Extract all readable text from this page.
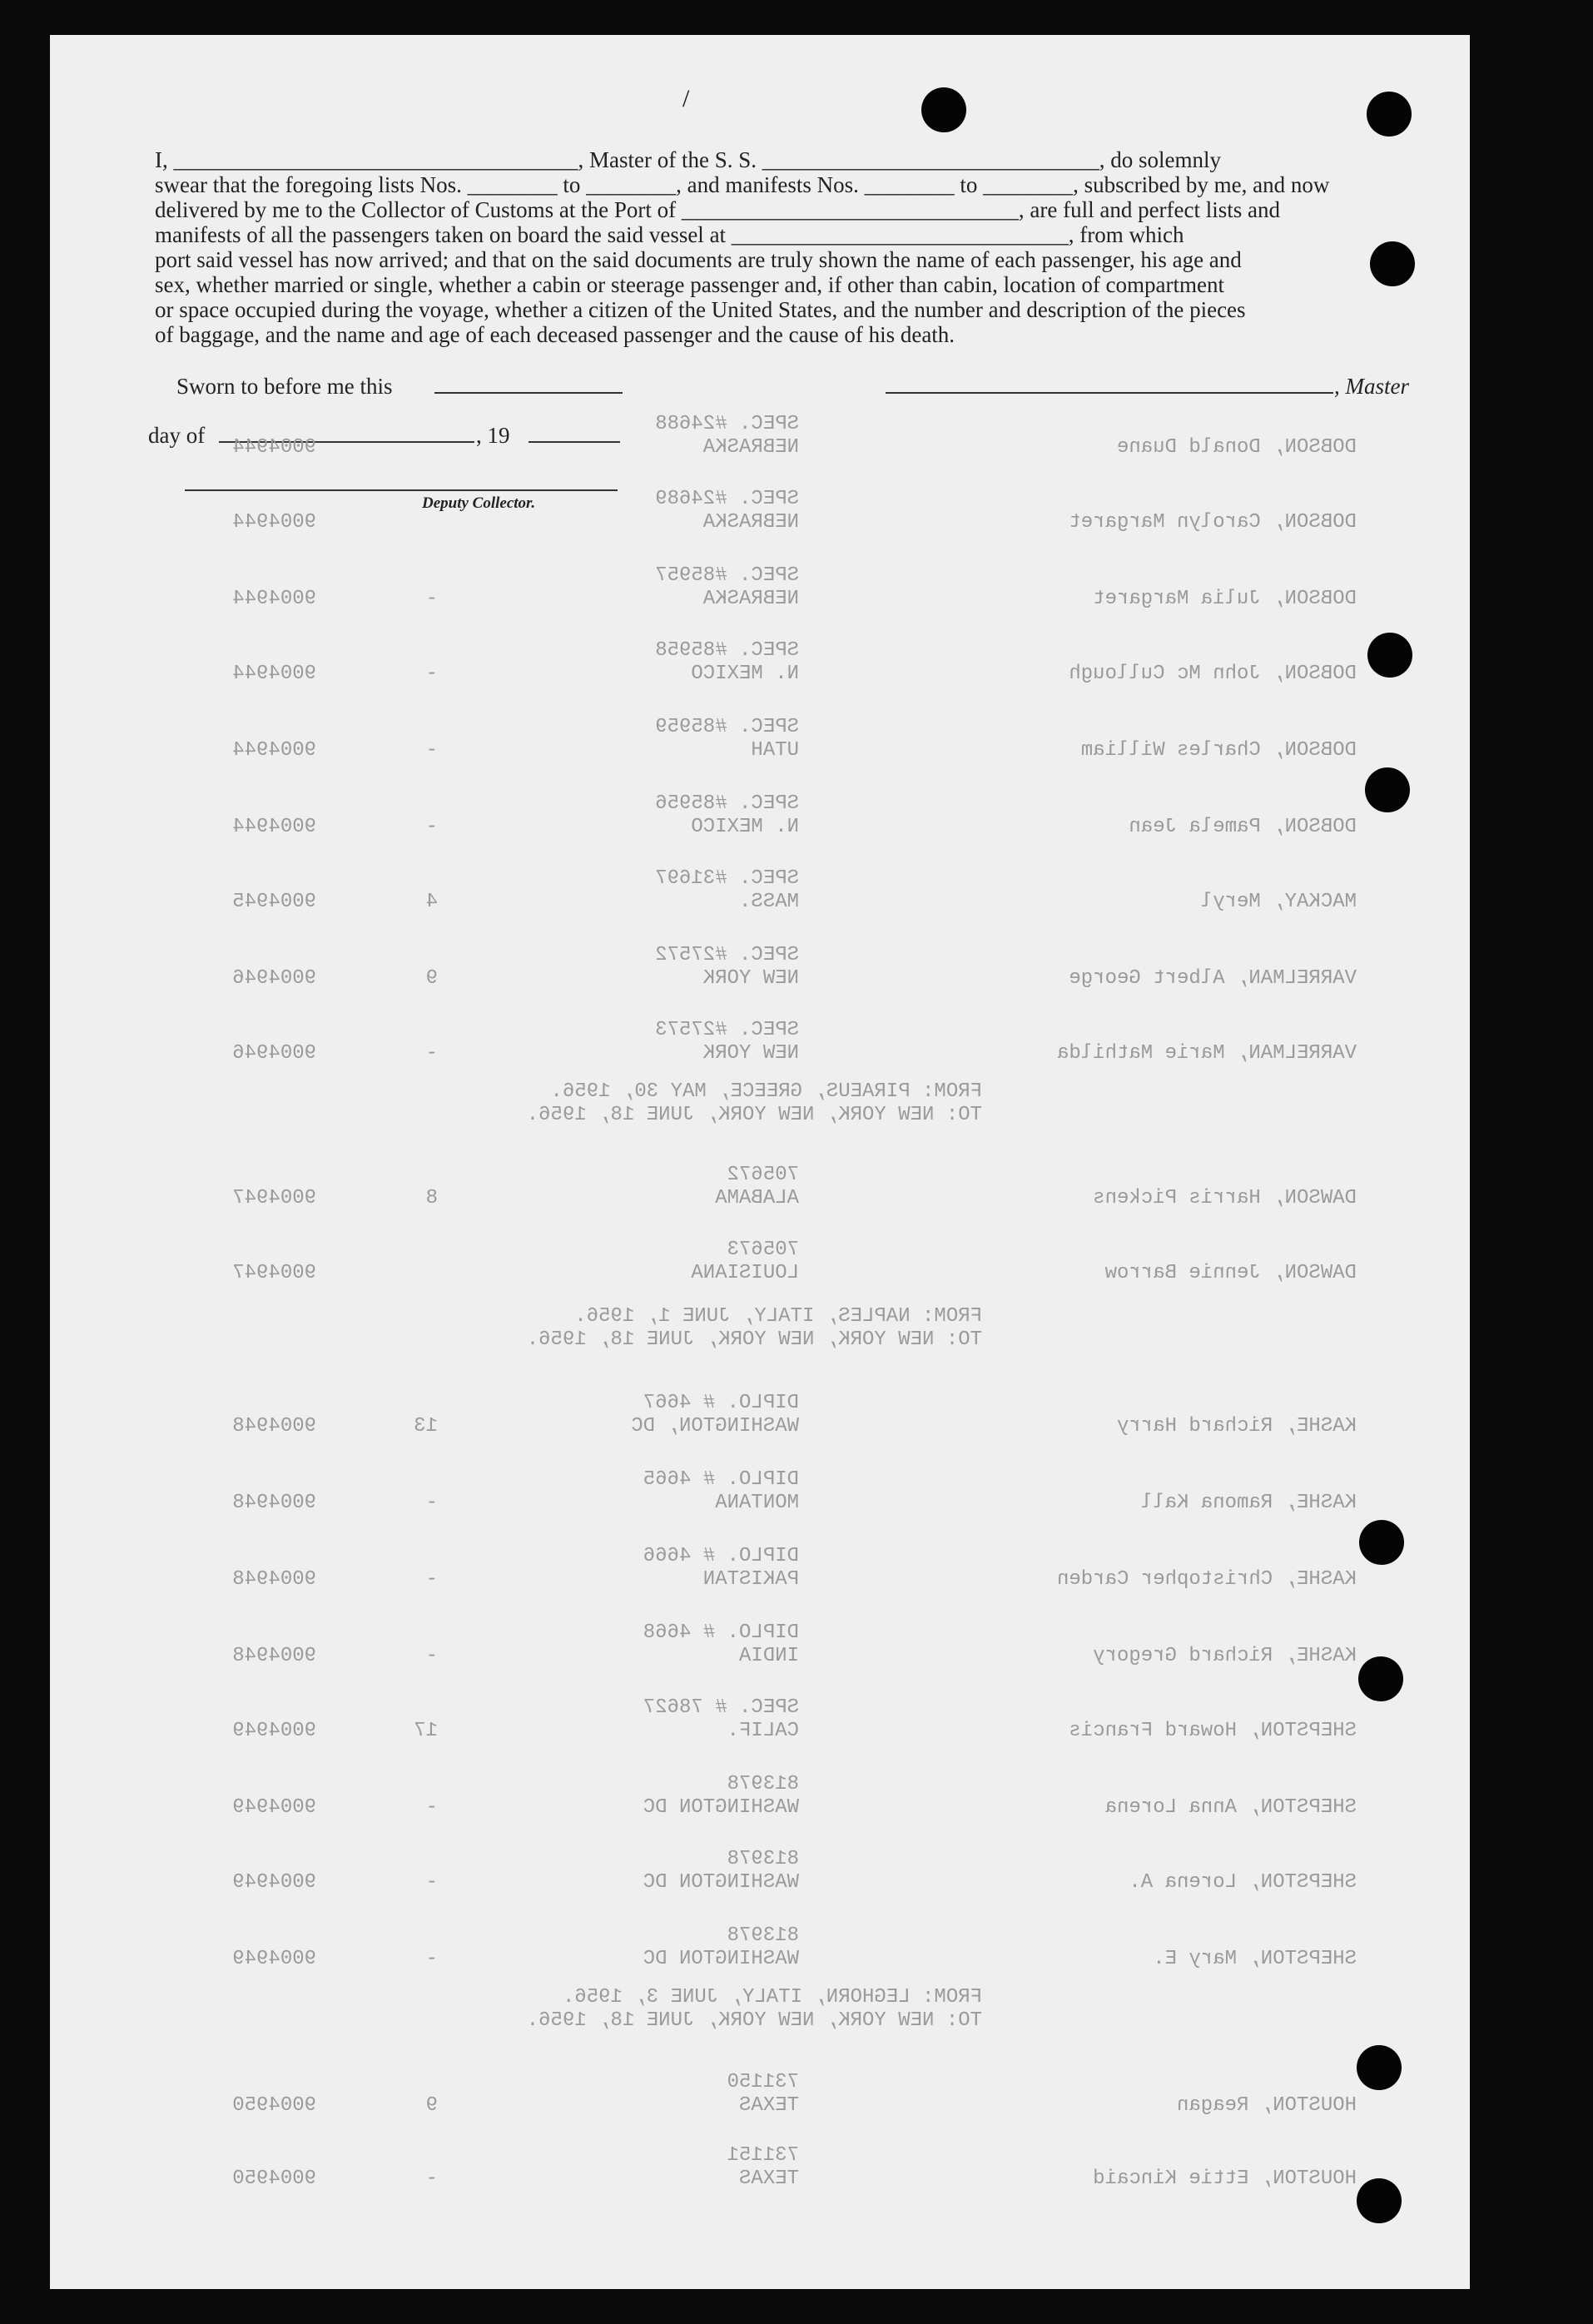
I, ____________________________________, Master of the S. S. ______________________________, do solemnly

swear that the foregoing lists Nos. ________ to ________, and manifests Nos. ________ to ________, subscribed by me, and now

delivered by me to the Collector of Customs at the Port of ______________________________, are full and perfect lists and

manifests of all the passengers taken on board the said vessel at ______________________________, from which

port said vessel has now arrived; and that on the said documents are truly shown the name of each passenger, his age and

sex, whether married or single, whether a cabin or steerage passenger and, if other than cabin, location of compartment

or space occupied during the voyage, whether a citizen of the United States, and the number and description of the pieces

of baggage, and the name and age of each deceased passenger and the cause of his death.

Sworn to before me this	, Master
day of	, 19
Deputy Collector.
DOBSON, Donald Duane
SPEC. #24688
NEBRASKA
9004944
DOBSON, Carolyn Margaret
SPEC. #24689
NEBRASKA
9004944
DOBSON, Julia Margaret
SPEC. #85957
NEBRASKA
-
9004944
DOBSON, John Mc Cullough
SPEC. #85958
N. MEXICO
-
9004944
DOBSON, Charles William
SPEC. #85959
UTAH
-
9004944
DOBSON, Pamela Jean
SPEC. #85956
N. MEXICO
-
9004944
MACKAY, Meryl
SPEC. #31697
MASS.
4
9004945
VARRELMAN, Albert George
SPEC. #27572
NEW YORK
9
9004946
VARRELMAN, Marie Mathilda
SPEC. #27573
NEW YORK
-
9004946
FROM: PIRAEUS, GREECE, MAY 30, 1956.
TO: NEW YORK, NEW YORK, JUNE 18, 1956.
DAWSON, Harris Pickens
705672
ALABAMA
8
9004947
DAWSON, Jennie Barrow
705673
LOUISIANA
9004947
FROM: NAPLES, ITALY, JUNE 1, 1956.
TO: NEW YORK, NEW YORK, JUNE 18, 1956.
KASHE, Richard Harry
DIPLO. # 4667
WASHINGTON, DC
13
9004948
KASHE, Ramona Kall
DIPLO. # 4665
MONTANA
-
9004948
KASHE, Christopher Carden
DIPLO. # 4666
PAKISTAN
-
9004948
KASHE, Richard Gregory
DIPLO. # 4668
INDIA
-
9004948
SHEPSTON, Howard Francis
SPEC. # 78627
CALIF.
17
9004949
SHEPSTON, Anna Lorena
813978
WASHINGTON DC
-
9004949
SHEPSTON, Lorena A.
813978
WASHINGTON DC
-
9004949
SHEPSTON, Mary E.
813978
WASHINGTON DC
-
9004949
FROM: LEGHORN, ITALY, JUNE 3, 1956.
TO: NEW YORK, NEW YORK, JUNE 18, 1956.
HOUSTON, Reagan
731150
TEXAS
9
9004950
HOUSTON, Ettie Kincaid
731151
TEXAS
-
9004950
/
